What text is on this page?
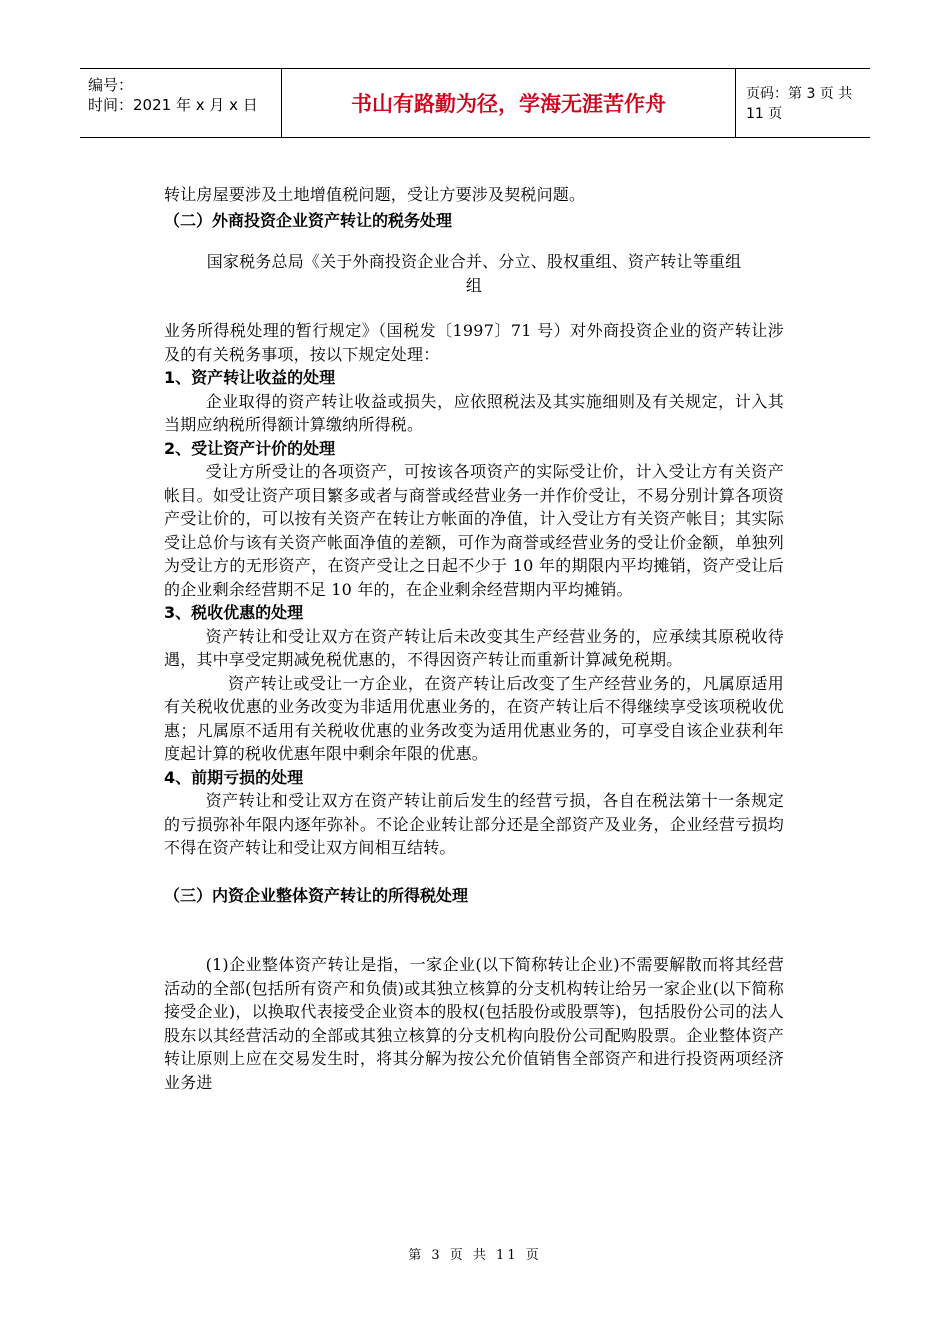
编号：
时间：2021 年 x 月 x 日	书山有路勤为径，学海无涯苦作舟	页码：第 3 页 共 11 页

转让房屋要涉及土地增值税问题，受让方要涉及契税问题。

（二）外商投资企业资产转让的税务处理

国家税务总局《关于外商投资企业合并、分立、股权重组、资产转让等重组
组

业务所得税处理的暂行规定》（国税发〔1997〕71 号）对外商投资企业的资产转让涉及的有关税务事项，按以下规定处理：

1、资产转让收益的处理

企业取得的资产转让收益或损失，应依照税法及其实施细则及有关规定，计入其当期应纳税所得额计算缴纳所得税。

2、受让资产计价的处理

受让方所受让的各项资产，可按该各项资产的实际受让价，计入受让方有关资产帐目。如受让资产项目繁多或者与商誉或经营业务一并作价受让，不易分别计算各项资产受让价的，可以按有关资产在转让方帐面的净值，计入受让方有关资产帐目；其实际受让总价与该有关资产帐面净值的差额，可作为商誉或经营业务的受让价金额，单独列为受让方的无形资产，在资产受让之日起不少于 10 年的期限内平均摊销，资产受让后的企业剩余经营期不足 10 年的，在企业剩余经营期内平均摊销。

3、税收优惠的处理

资产转让和受让双方在资产转让后未改变其生产经营业务的，应承续其原税收待遇，其中享受定期减免税优惠的，不得因资产转让而重新计算减免税期。

资产转让或受让一方企业，在资产转让后改变了生产经营业务的，凡属原适用有关税收优惠的业务改变为非适用优惠业务的，在资产转让后不得继续享受该项税收优惠；凡属原不适用有关税收优惠的业务改变为适用优惠业务的，可享受自该企业获利年度起计算的税收优惠年限中剩余年限的优惠。

4、前期亏损的处理

资产转让和受让双方在资产转让前后发生的经营亏损，各自在税法第十一条规定的亏损弥补年限内逐年弥补。不论企业转让部分还是全部资产及业务，企业经营亏损均不得在资产转让和受让双方间相互结转。

（三）内资企业整体资产转让的所得税处理

(1)企业整体资产转让是指，一家企业(以下简称转让企业)不需要解散而将其经营活动的全部(包括所有资产和负债)或其独立核算的分支机构转让给另一家企业(以下简称接受企业)，以换取代表接受企业资本的股权(包括股份或股票等)，包括股份公司的法人股东以其经营活动的全部或其独立核算的分支机构向股份公司配购股票。企业整体资产转让原则上应在交易发生时，将其分解为按公允价值销售全部资产和进行投资两项经济业务进

第 3 页 共 11 页
